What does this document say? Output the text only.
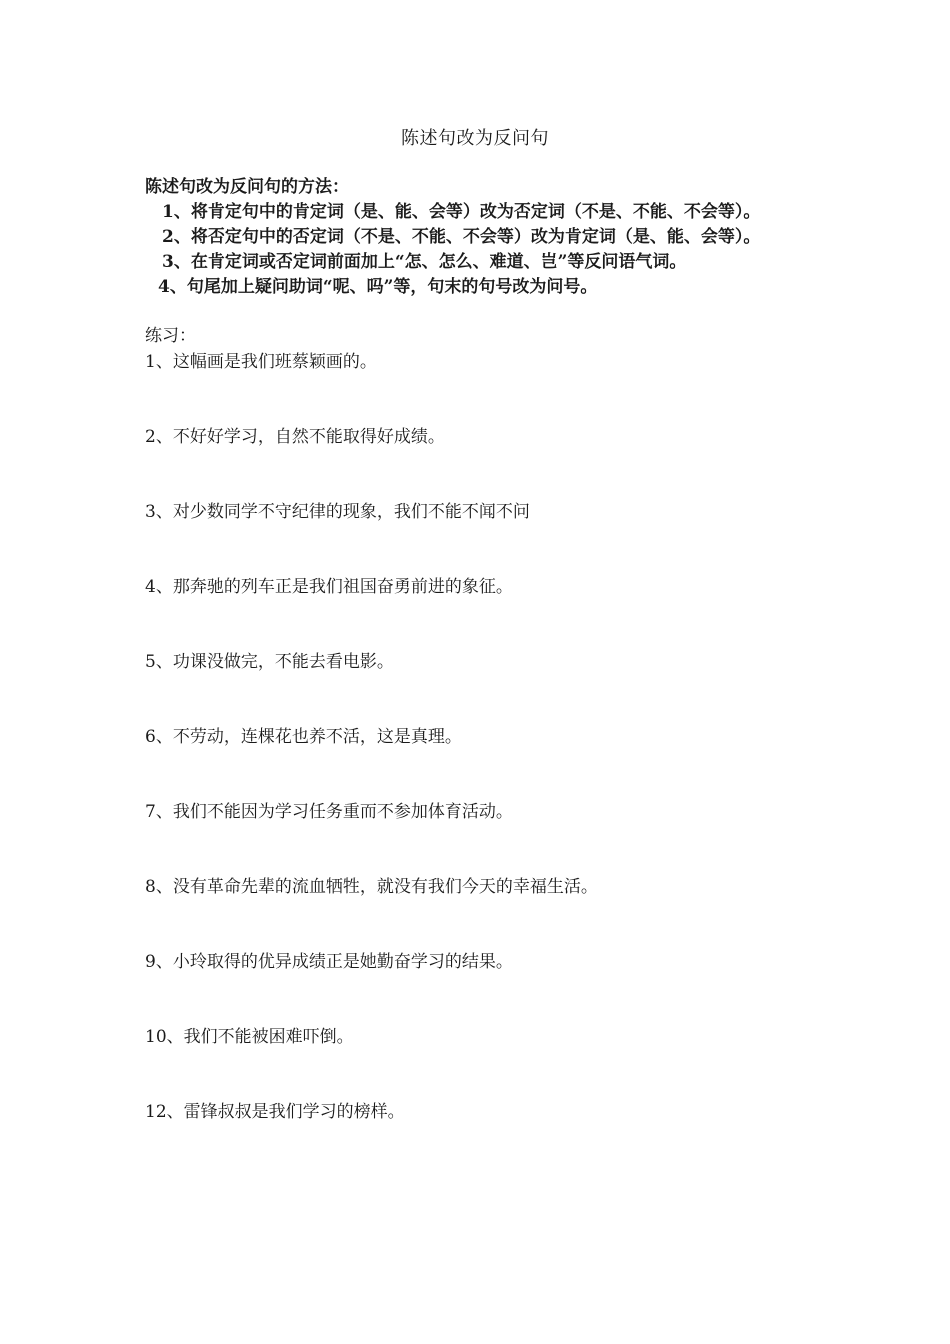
陈述句改为反问句
陈述句改为反问句的方法：
1、将肯定句中的肯定词（是、能、会等）改为否定词（不是、不能、不会等）。
2、将否定句中的否定词（不是、不能、不会等）改为肯定词（是、能、会等）。
3、在肯定词或否定词前面加上“怎、怎么、难道、岂”等反问语气词。
4、句尾加上疑问助词“呢、吗”等，句末的句号改为问号。
练习：
1、这幅画是我们班蔡颖画的。
2、不好好学习，自然不能取得好成绩。
3、对少数同学不守纪律的现象，我们不能不闻不问
4、那奔驰的列车正是我们祖国奋勇前进的象征。
5、功课没做完，不能去看电影。
6、不劳动，连棵花也养不活，这是真理。
7、我们不能因为学习任务重而不参加体育活动。
8、没有革命先辈的流血牺牲，就没有我们今天的幸福生活。
9、小玲取得的优异成绩正是她勤奋学习的结果。
10、我们不能被困难吓倒。
12、雷锋叔叔是我们学习的榜样。
